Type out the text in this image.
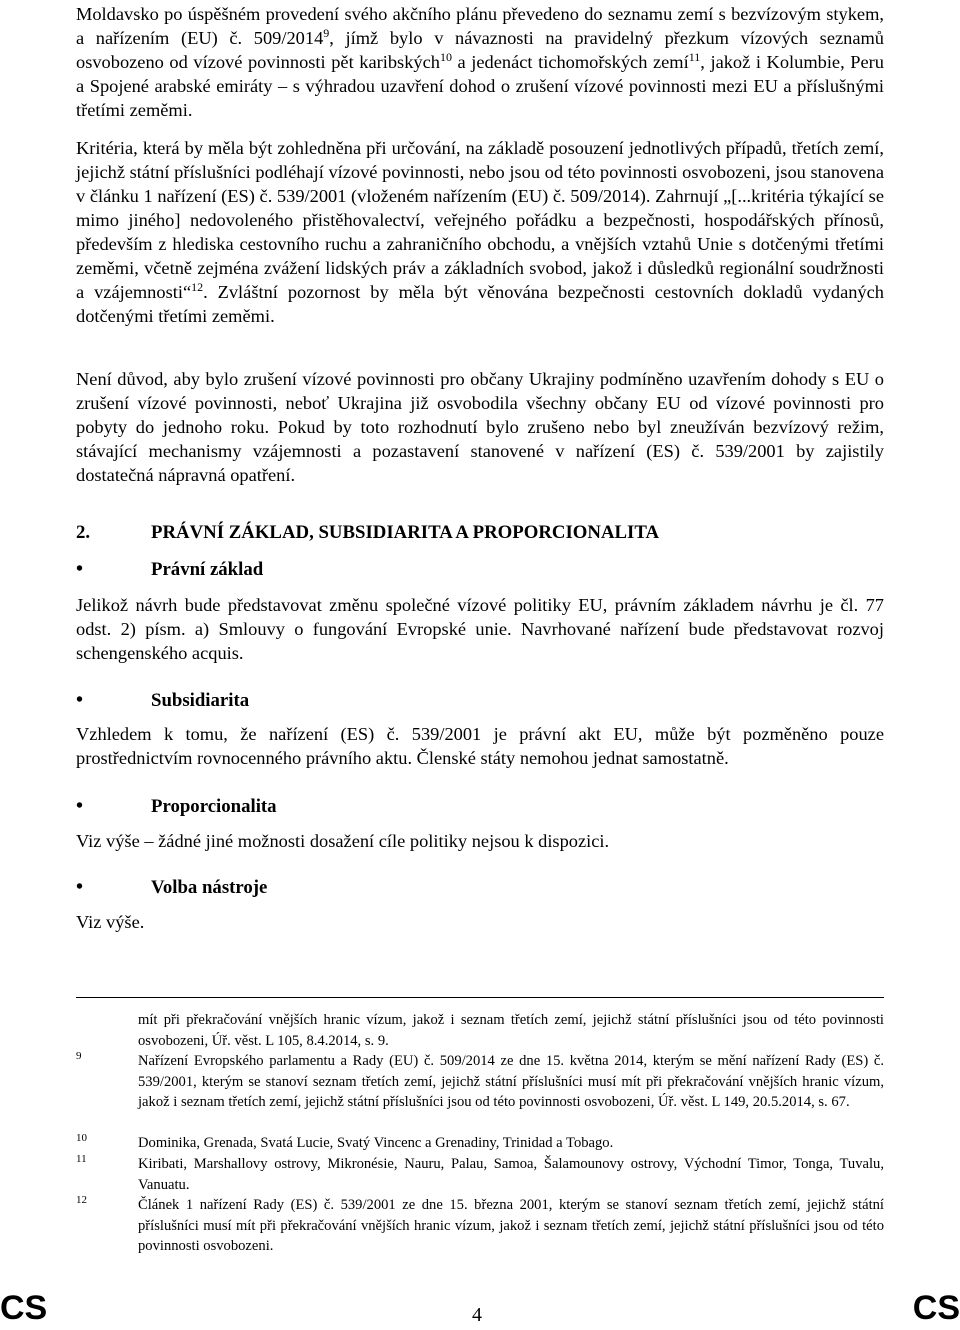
Moldavsko po úspěšném provedení svého akčního plánu převedeno do seznamu zemí s bezvízovým stykem, a nařízením (EU) č. 509/2014$^9$, jímž bylo v návaznosti na pravidelný přezkum vízových seznamů osvobozeno od vízové povinnosti pět karibských$^{10}$ a jedenáct tichomořských zemí$^{11}$, jakož i Kolumbie, Peru a Spojené arabské emiráty – s výhradou uzavření dohod o zrušení vízové povinnosti mezi EU a příslušnými třetími zeměmi.

Kritéria, která by měla být zohledněna při určování, na základě posouzení jednotlivých případů, třetích zemí, jejichž státní příslušníci podléhají vízové povinnosti, nebo jsou od této povinnosti osvobozeni, jsou stanovena v článku 1 nařízení (ES) č. 539/2001 (vloženém nařízením (EU) č. 509/2014). Zahrnují „[...kritéria týkající se mimo jiného] nedovoleného přistěhovalectví, veřejného pořádku a bezpečnosti, hospodářských přínosů, především z hlediska cestovního ruchu a zahraničního obchodu, a vnějších vztahů Unie s dotčenými třetími zeměmi, včetně zejména zvážení lidských práv a základních svobod, jakož i důsledků regionální soudržnosti a vzájemnosti“$^{12}$. Zvláštní pozornost by měla být věnována bezpečnosti cestovních dokladů vydaných dotčenými třetími zeměmi.

Není důvod, aby bylo zrušení vízové povinnosti pro občany Ukrajiny podmíněno uzavřením dohody s EU o zrušení vízové povinnosti, neboť Ukrajina již osvobodila všechny občany EU od vízové povinnosti pro pobyty do jednoho roku. Pokud by toto rozhodnutí bylo zrušeno nebo byl zneužíván bezvízový režim, stávající mechanismy vzájemnosti a pozastavení stanovené v nařízení (ES) č. 539/2001 by zajistily dostatečná nápravná opatření.

2.	PRÁVNÍ ZÁKLAD, SUBSIDIARITA A PROPORCIONALITA
•	Právní základ

Jelikož návrh bude představovat změnu společné vízové politiky EU, právním základem návrhu je čl. 77 odst. 2) písm. a) Smlouvy o fungování Evropské unie. Navrhované nařízení bude představovat rozvoj schengenského acquis.

•	Subsidiarita

Vzhledem k tomu, že nařízení (ES) č. 539/2001 je právní akt EU, může být pozměněno pouze prostřednictvím rovnocenného právního aktu. Členské státy nemohou jednat samostatně.

•	Proporcionalita

Viz výše – žádné jiné možnosti dosažení cíle politiky nejsou k dispozici.

•	Volba nástroje

Viz výše.

mít při překračování vnějších hranic vízum, jakož i seznam třetích zemí, jejichž státní příslušníci jsou od této povinnosti osvobozeni, Úř. věst. L 105, 8.4.2014, s. 9.

9	Nařízení Evropského parlamentu a Rady (EU) č. 509/2014 ze dne 15. května 2014, kterým se mění nařízení Rady (ES) č. 539/2001, kterým se stanoví seznam třetích zemí, jejichž státní příslušníci musí mít při překračování vnějších hranic vízum, jakož i seznam třetích zemí, jejichž státní příslušníci jsou od této povinnosti osvobozeni, Úř. věst. L 149, 20.5.2014, s. 67.

10	Dominika, Grenada, Svatá Lucie, Svatý Vincenc a Grenadiny, Trinidad a Tobago.

11	Kiribati, Marshallovy ostrovy, Mikronésie, Nauru, Palau, Samoa, Šalamounovy ostrovy, Východní Timor, Tonga, Tuvalu, Vanuatu.

12	Článek 1 nařízení Rady (ES) č. 539/2001 ze dne 15. března 2001, kterým se stanoví seznam třetích zemí, jejichž státní příslušníci musí mít při překračování vnějších hranic vízum, jakož i seznam třetích zemí, jejichž státní příslušníci jsou od této povinnosti osvobozeni.

CS	4	CS
